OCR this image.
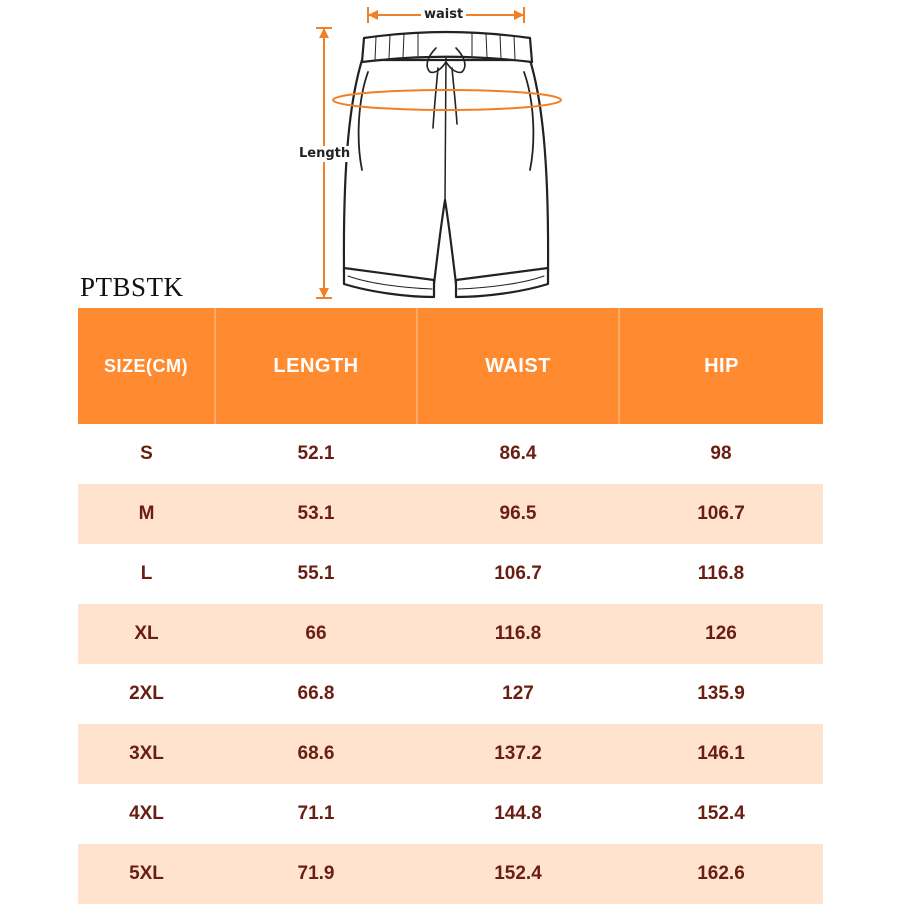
waist
Length
PTBSTK
SIZE(CM)	LENGTH	WAIST	HIP
S	52.1	86.4	98
M	53.1	96.5	106.7
L	55.1	106.7	116.8
XL	66	116.8	126
2XL	66.8	127	135.9
3XL	68.6	137.2	146.1
4XL	71.1	144.8	152.4
5XL	71.9	152.4	162.6
